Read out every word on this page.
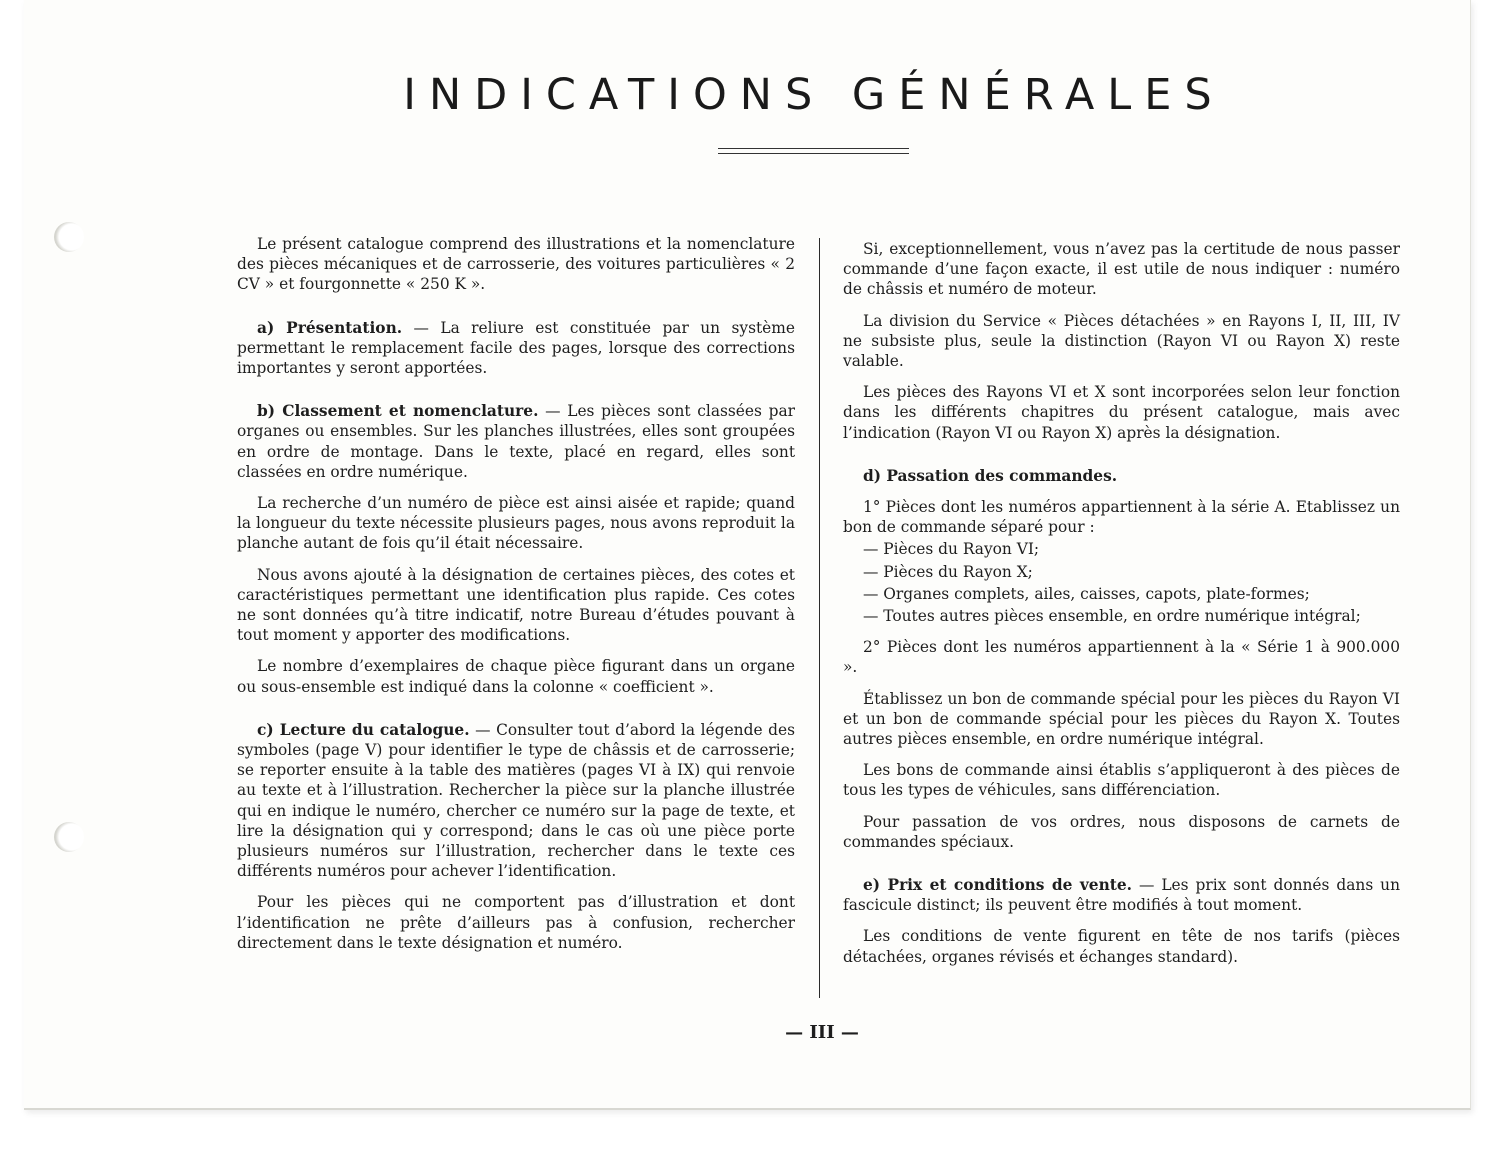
INDICATIONS GÉNÉRALES

Le présent catalogue comprend des illustrations et la nomenclature des pièces mécaniques et de carrosserie, des voitures particulières « 2 CV » et fourgonnette « 250 K ».

a) Présentation. — La reliure est constituée par un système permettant le remplacement facile des pages, lorsque des corrections importantes y seront apportées.

b) Classement et nomenclature. — Les pièces sont classées par organes ou ensembles. Sur les planches illustrées, elles sont groupées en ordre de montage. Dans le texte, placé en regard, elles sont classées en ordre numérique.

La recherche d’un numéro de pièce est ainsi aisée et rapide; quand la longueur du texte nécessite plusieurs pages, nous avons reproduit la planche autant de fois qu’il était nécessaire.

Nous avons ajouté à la désignation de certaines pièces, des cotes et caractéristiques permettant une identification plus rapide. Ces cotes ne sont données qu’à titre indicatif, notre Bureau d’études pouvant à tout moment y apporter des modifications.

Le nombre d’exemplaires de chaque pièce figurant dans un organe ou sous-ensemble est indiqué dans la colonne « coefficient ».

c) Lecture du catalogue. — Consulter tout d’abord la légende des symboles (page V) pour identifier le type de châssis et de carrosserie; se reporter ensuite à la table des matières (pages VI à IX) qui renvoie au texte et à l’illustration. Rechercher la pièce sur la planche illustrée qui en indique le numéro, chercher ce numéro sur la page de texte, et lire la désignation qui y correspond; dans le cas où une pièce porte plusieurs numéros sur l’illustration, rechercher dans le texte ces différents numéros pour achever l’identification.

Pour les pièces qui ne comportent pas d’illustration et dont l’identification ne prête d’ailleurs pas à confusion, rechercher directement dans le texte désignation et numéro.

Si, exceptionnellement, vous n’avez pas la certitude de nous passer commande d’une façon exacte, il est utile de nous indiquer : numéro de châssis et numéro de moteur.

La division du Service « Pièces détachées » en Rayons I, II, III, IV ne subsiste plus, seule la distinction (Rayon VI ou Rayon X) reste valable.

Les pièces des Rayons VI et X sont incorporées selon leur fonction dans les différents chapitres du présent catalogue, mais avec l’indication (Rayon VI ou Rayon X) après la désignation.

d) Passation des commandes.

1° Pièces dont les numéros appartiennent à la série A. Etablissez un bon de commande séparé pour :

— Pièces du Rayon VI;

— Pièces du Rayon X;

— Organes complets, ailes, caisses, capots, plate-formes;

— Toutes autres pièces ensemble, en ordre numérique intégral;

2° Pièces dont les numéros appartiennent à la « Série 1 à 900.000 ».

Établissez un bon de commande spécial pour les pièces du Rayon VI et un bon de commande spécial pour les pièces du Rayon X. Toutes autres pièces ensemble, en ordre numérique intégral.

Les bons de commande ainsi établis s’appliqueront à des pièces de tous les types de véhicules, sans différenciation.

Pour passation de vos ordres, nous disposons de carnets de commandes spéciaux.

e) Prix et conditions de vente. — Les prix sont donnés dans un fascicule distinct; ils peuvent être modifiés à tout moment.

Les conditions de vente figurent en tête de nos tarifs (pièces détachées, organes révisés et échanges standard).

— III —
